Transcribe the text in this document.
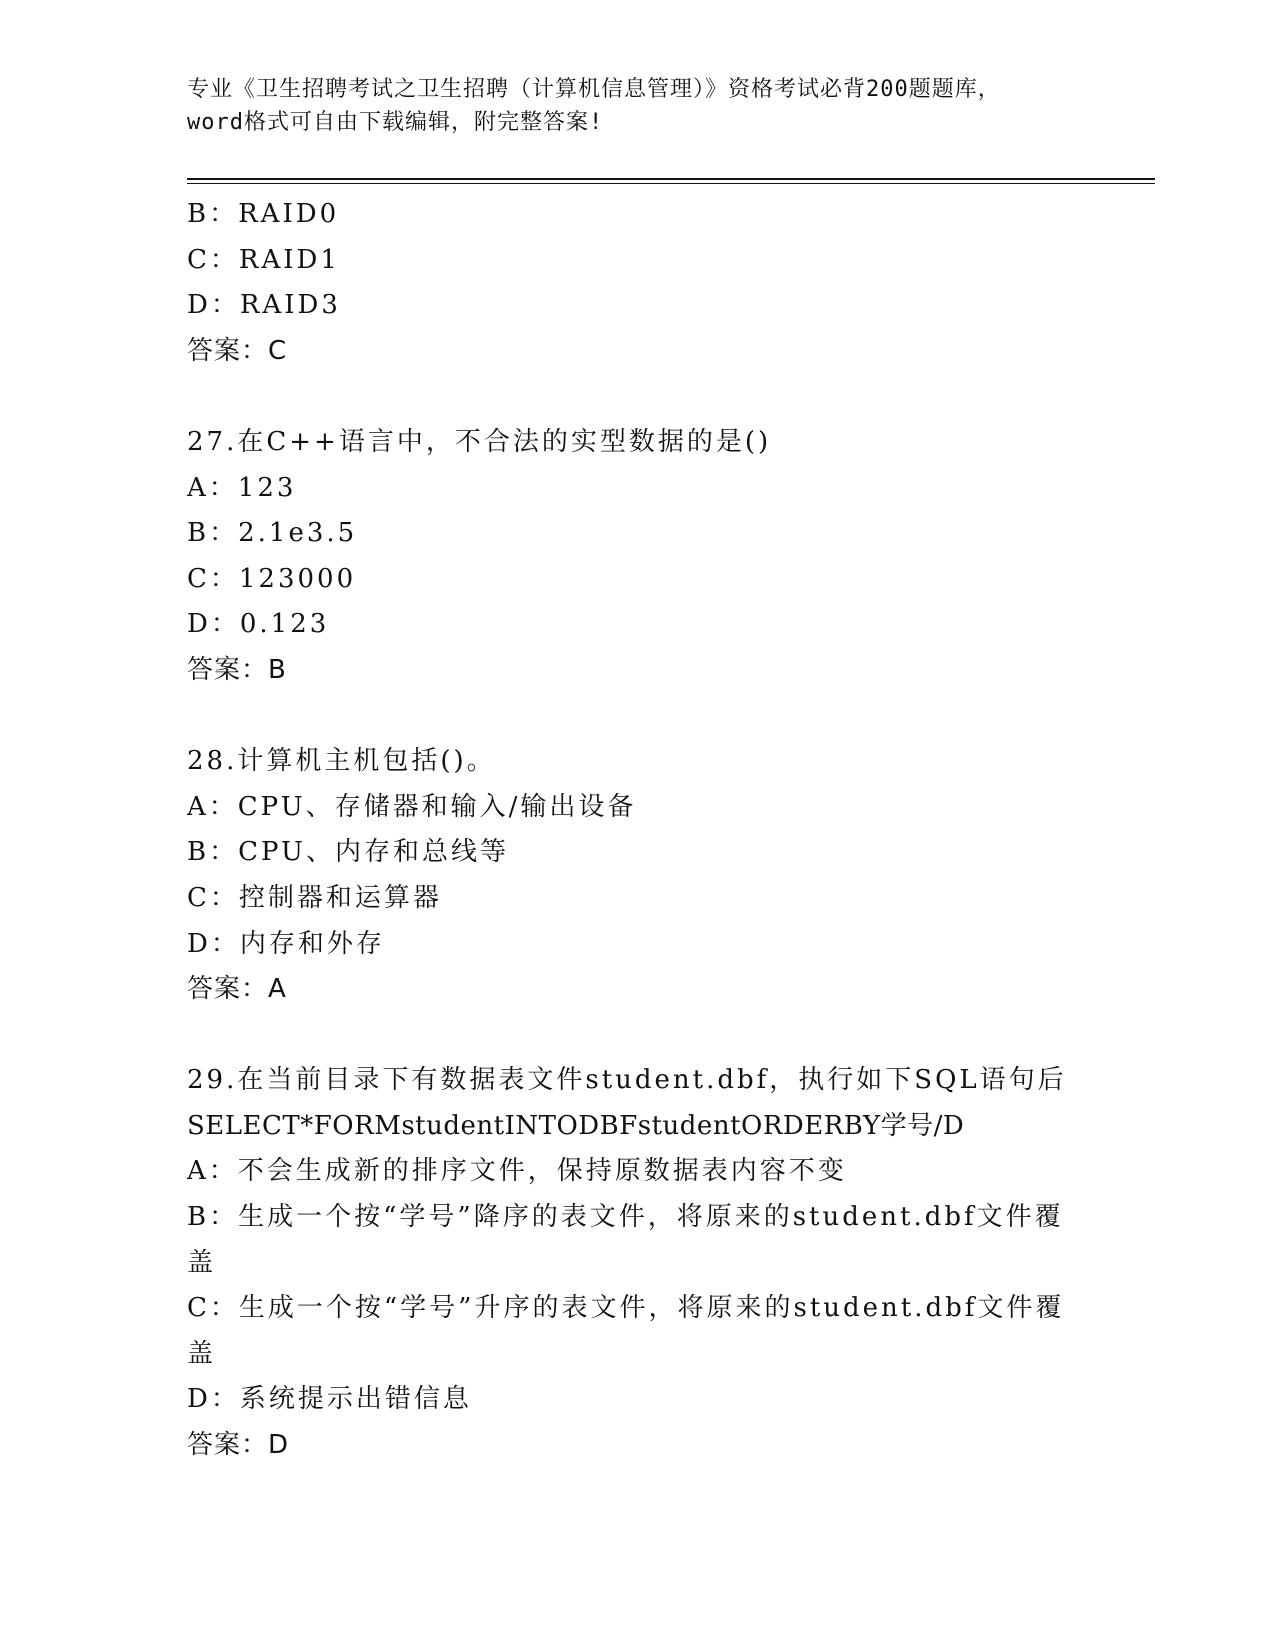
专业《卫生招聘考试之卫生招聘（计算机信息管理）》资格考试必背200题题库，
word格式可自由下载编辑，附完整答案!
B：RAID0
C：RAID1
D：RAID3
答案：C
27.在C++语言中，不合法的实型数据的是()
A：123
B：2.1e3.5
C：123000
D：0.123
答案：B
28.计算机主机包括()。
A：CPU、存储器和输入/输出设备
B：CPU、内存和总线等
C：控制器和运算器
D：内存和外存
答案：A
29.在当前目录下有数据表文件student.dbf，执行如下SQL语句后
SELECT*FORMstudentINTODBFstudentORDERBY学号/D
A：不会生成新的排序文件，保持原数据表内容不变
B：生成一个按“学号”降序的表文件，将原来的student.dbf文件覆盖
C：生成一个按“学号”升序的表文件，将原来的student.dbf文件覆盖
D：系统提示出错信息
答案：D
